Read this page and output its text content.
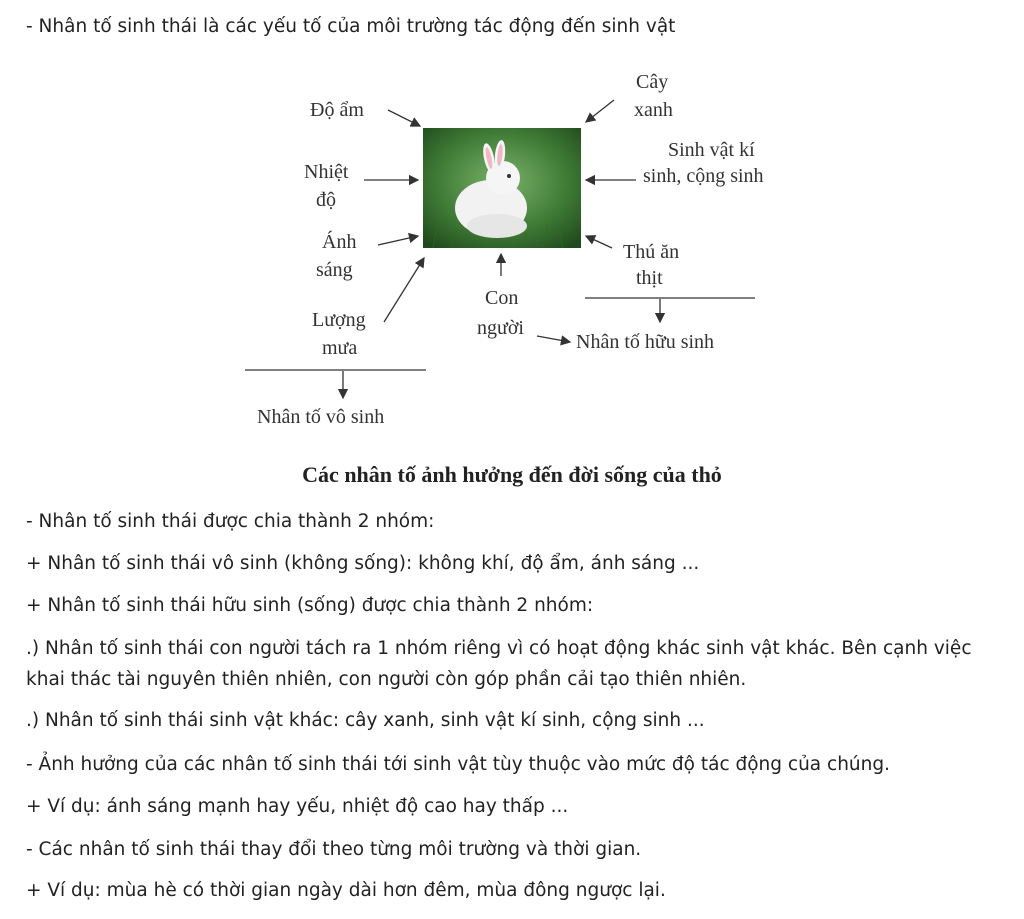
- Nhân tố sinh thái là các yếu tố của môi trường tác động đến sinh vật
Độ ẩm
Nhiệt
độ
Ánh
sáng
Lượng
mưa
Nhân tố vô sinh
Cây
xanh
Sinh vật kí
sinh, cộng sinh
Thú ăn
thịt
Con
người
Nhân tố hữu sinh
Các nhân tố ảnh hưởng đến đời sống của thỏ
- Nhân tố sinh thái được chia thành 2 nhóm:
+ Nhân tố sinh thái vô sinh (không sống): không khí, độ ẩm, ánh sáng ...
+ Nhân tố sinh thái hữu sinh (sống) được chia thành 2 nhóm:
.) Nhân tố sinh thái con người tách ra 1 nhóm riêng vì có hoạt động khác sinh vật khác. Bên cạnh việc khai thác tài nguyên thiên nhiên, con người còn góp phần cải tạo thiên nhiên.
.) Nhân tố sinh thái sinh vật khác: cây xanh, sinh vật kí sinh, cộng sinh ...
- Ảnh hưởng của các nhân tố sinh thái tới sinh vật tùy thuộc vào mức độ tác động của chúng.
+ Ví dụ: ánh sáng mạnh hay yếu, nhiệt độ cao hay thấp ...
- Các nhân tố sinh thái thay đổi theo từng môi trường và thời gian.
+ Ví dụ: mùa hè có thời gian ngày dài hơn đêm, mùa đông ngược lại.
